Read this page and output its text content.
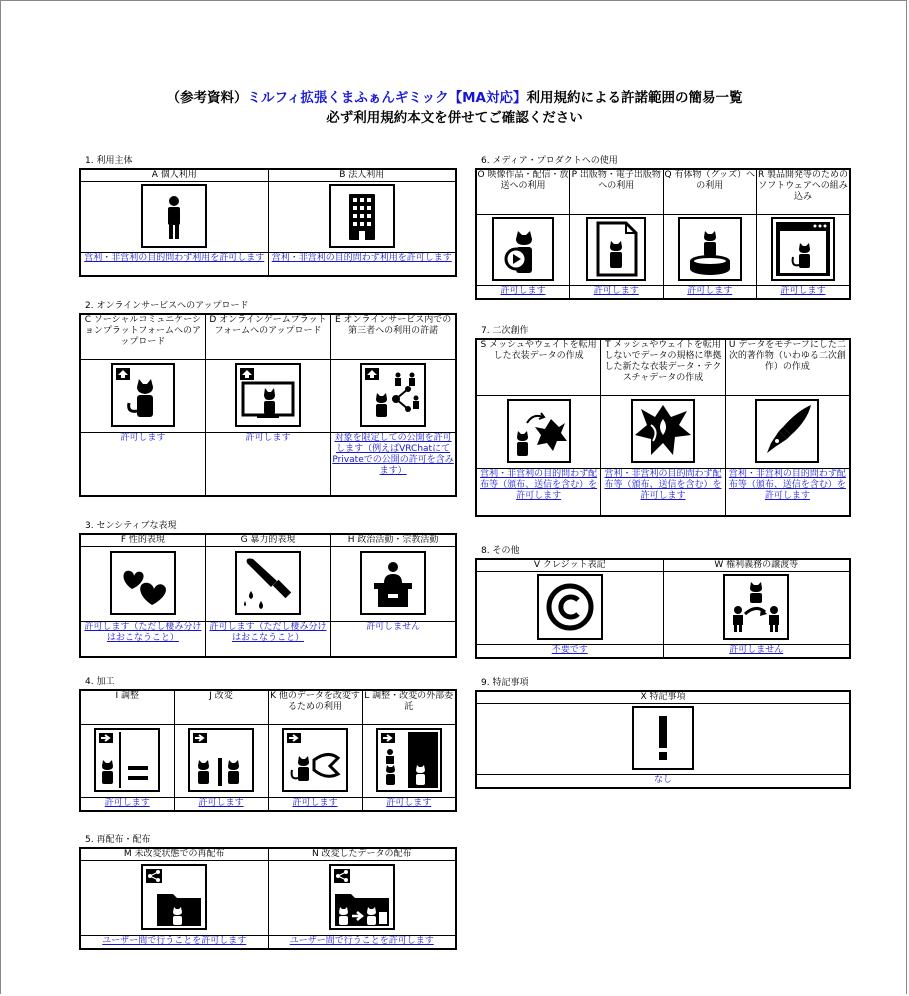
（参考資料）ミルフィ拡張くまふぁんギミック【MA対応】利用規約による許諾範囲の簡易一覧
必ず利用規約本文を併せてご確認ください
1. 利用主体
A 個人利用	B 法人利用

営利・非営利の目的問わず利用を許可します	営利・非営利の目的問わず利用を許可します
2. オンラインサービスへのアップロード
C ソーシャルコミュニケーションプラットフォームへのアップロード	D オンラインゲームプラットフォームへのアップロード	E オンラインサービス内での第三者への利用の許諾

許可します	許可します	対象を限定しての公開を許可します（例えばVRChatにてPrivateでの公開の許可を含みます）
3. センシティブな表現
F 性的表現	G 暴力的表現	H 政治活動・宗教活動

許可します（ただし棲み分けはおこなうこと）	許可します（ただし棲み分けはおこなうこと）	許可しません
4. 加工
I 調整	J 改変	K 他のデータを改変するための利用	L 調整・改変の外部委託

許可します	許可します	許可します	許可します
5. 再配布・配布
M 未改変状態での再配布	N 改変したデータの配布

ユーザー間で行うことを許可します	ユーザー間で行うことを許可します
6. メディア・プロダクトへの使用
O 映像作品・配信・放送への利用	P 出版物・電子出版物への利用	Q 有体物（グッズ）への利用	R 製品開発等のためのソフトウェアへの組み込み

許可します	許可します	許可します	許可します
7. 二次創作
S メッシュやウェイトを転用した衣装データの作成	T メッシュやウェイトを転用しないでデータの規格に準拠した新たな衣装データ・テクスチャデータの作成	U データをモチーフにした二次的著作物（いわゆる二次創作）の作成

営利・非営利の目的問わず配布等（頒布、送信を含む）を許可します	営利・非営利の目的問わず配布等（頒布、送信を含む）を許可します	営利・非営利の目的問わず配布等（頒布、送信を含む）を許可します
8. その他
V クレジット表記	W 権利義務の譲渡等

不要です	許可しません
9. 特記事項
X 特記事項

なし
